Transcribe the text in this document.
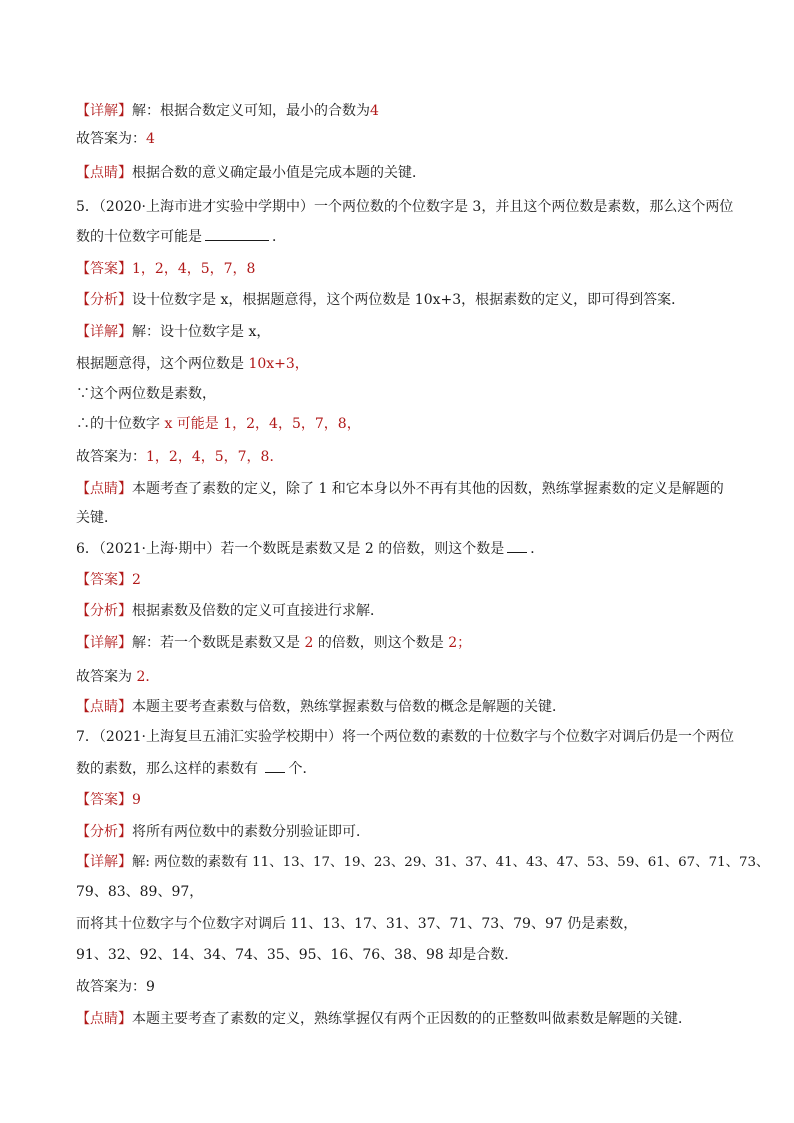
【详解】解：根据合数定义可知，最小的合数为4
故答案为：4
【点睛】根据合数的意义确定最小值是完成本题的关键．
5．（2020·上海市进才实验中学期中）一个两位数的个位数字是 3，并且这个两位数是素数，那么这个两位
数的十位数字可能是	．
【答案】1，2，4，5，7，8
【分析】设十位数字是 x，根据题意得，这个两位数是 10x+3，根据素数的定义，即可得到答案．
【详解】解：设十位数字是 x，
根据题意得，这个两位数是 10x+3，
∵这个两位数是素数，
∴的十位数字 x 可能是 1，2，4，5，7，8，
故答案为：1，2，4，5，7，8．
【点睛】本题考查了素数的定义，除了 1 和它本身以外不再有其他的因数，熟练掌握素数的定义是解题的
关键．
6．（2021·上海·期中）若一个数既是素数又是 2 的倍数，则这个数是 ．
【答案】2
【分析】根据素数及倍数的定义可直接进行求解．
【详解】解：若一个数既是素数又是 2 的倍数，则这个数是 2；
故答案为 2．
【点睛】本题主要考查素数与倍数，熟练掌握素数与倍数的概念是解题的关键．
7．（2021·上海复旦五浦汇实验学校期中）将一个两位数的素数的十位数字与个位数字对调后仍是一个两位
数的素数，那么这样的素数有 个．
【答案】9
【分析】将所有两位数中的素数分别验证即可．
【详解】解: 两位数的素数有 11、13、17、19、23、29、31、37、41、43、47、53、59、61、67、71、73、
79、83、89、97，
而将其十位数字与个位数字对调后 11、13、17、31、37、71、73、79、97 仍是素数，
91、32、92、14、34、74、35、95、16、76、38、98 却是合数．
故答案为：9
【点睛】本题主要考查了素数的定义，熟练掌握仅有两个正因数的的正整数叫做素数是解题的关键．
